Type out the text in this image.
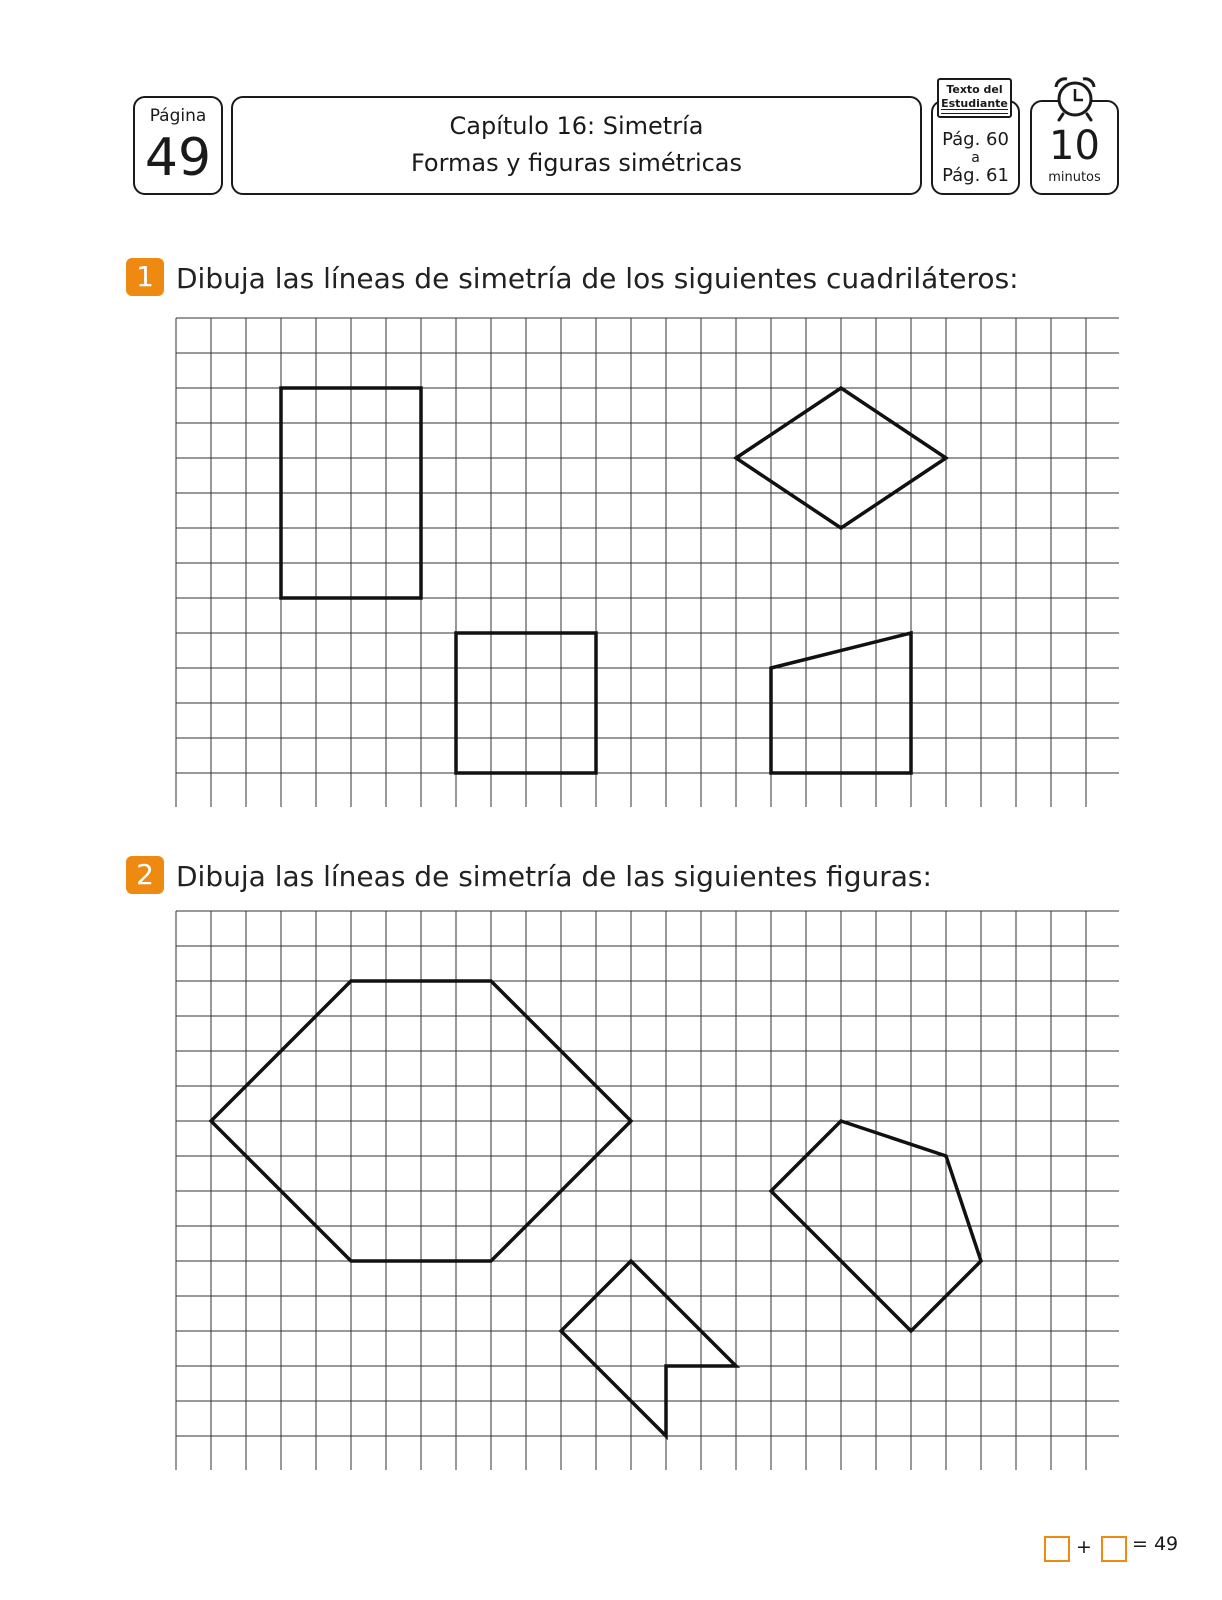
Página
49
Capítulo 16: Simetría
Formas y figuras simétricas
Pág. 60
a
Pág. 61
Texto del Estudiante
10
minutos
1 Dibuja las líneas de simetría de los siguientes cuadriláteros:
2 Dibuja las líneas de simetría de las siguientes figuras:
+ = 49
